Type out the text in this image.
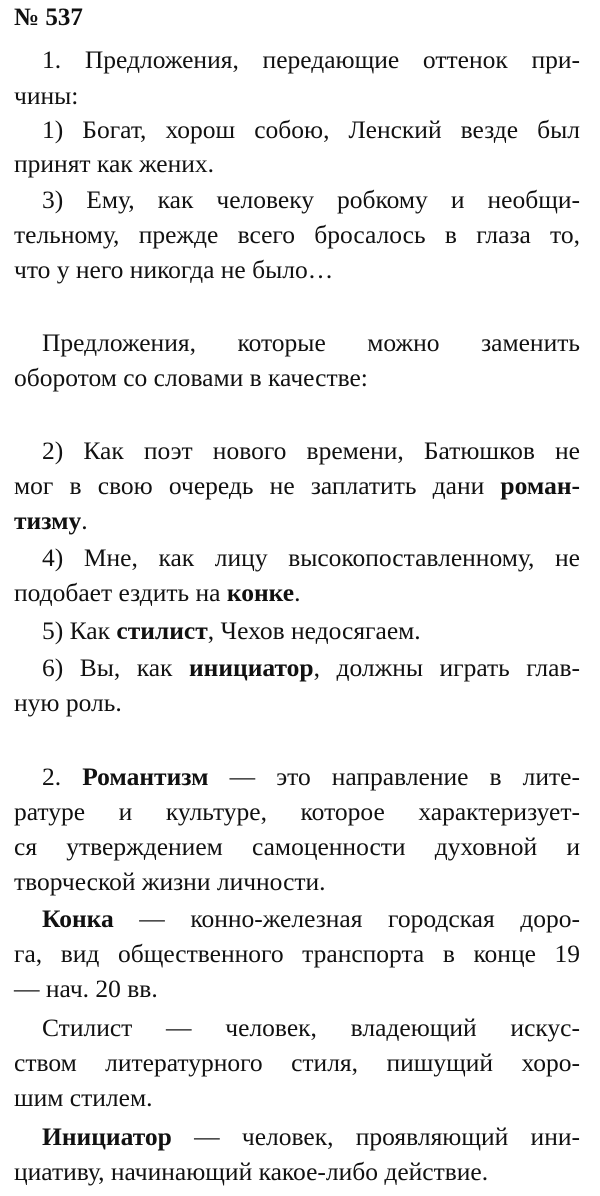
№ 537
1. Предложения, передающие оттенок при-
чины:
1) Богат, хорош собою, Ленский везде был
принят как жених.
3) Ему, как человеку робкому и необщи-
тельному, прежде всего бросалось в глаза то,
что у него никогда не было…
Предложения, которые можно заменить
оборотом со словами в качестве:
2) Как поэт нового времени, Батюшков не
мог в свою очередь не заплатить дани роман-
тизму.
4) Мне, как лицу высокопоставленному, не
подобает ездить на конке.
5) Как стилист, Чехов недосягаем.
6) Вы, как инициатор, должны играть глав-
ную роль.
2. Романтизм — это направление в лите-
ратуре и культуре, которое характеризует-
ся утверждением самоценности духовной и
творческой жизни личности.
Конка — конно-железная городская доро-
га, вид общественного транспорта в конце 19
— нач. 20 вв.
Стилист — человек, владеющий искус-
ством литературного стиля, пишущий хоро-
шим стилем.
Инициатор — человек, проявляющий ини-
циативу, начинающий какое-либо действие.
